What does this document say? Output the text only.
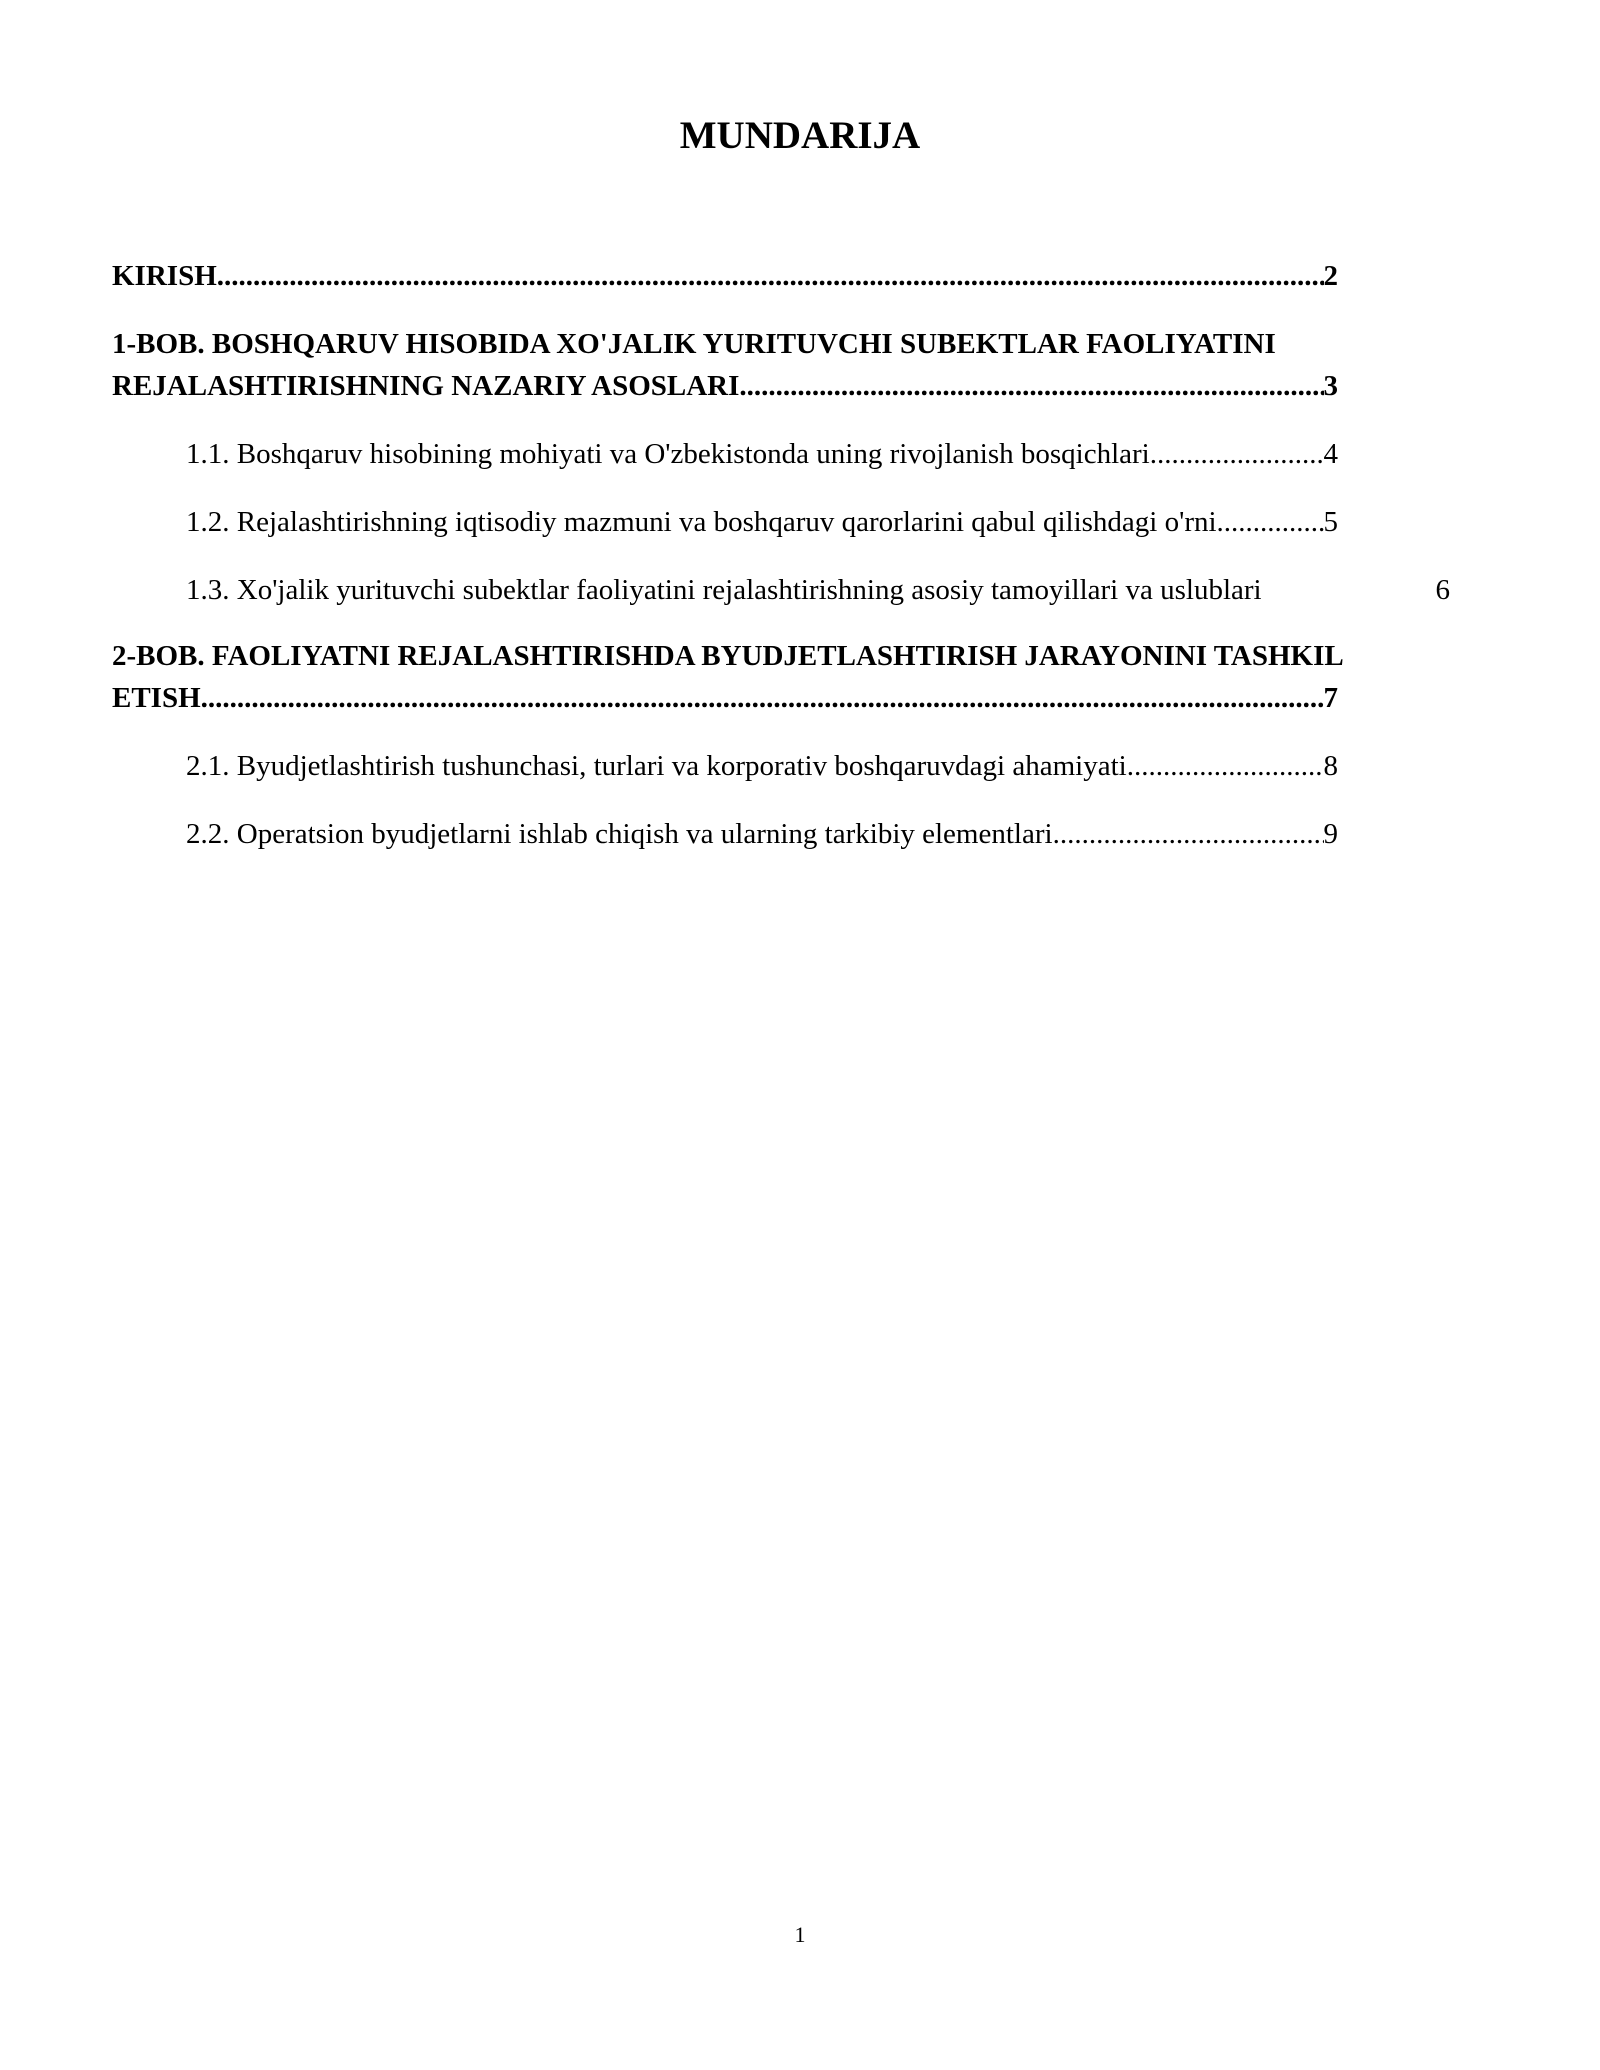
MUNDARIJA
KIRISH .....	2
1-BOB. BOSHQARUV HISOBIDA XO'JALIK YURITUVCHI SUBEKTLAR FAOLIYATINI
REJALASHTIRISHNING NAZARIY ASOSLARI .....	3
1.1. Boshqaruv hisobining mohiyati va O'zbekistonda uning rivojlanish bosqichlari .....	4
1.2. Rejalashtirishning iqtisodiy mazmuni va boshqaruv qarorlarini qabul qilishdagi o'rni .....	5
1.3. Xo'jalik yurituvchi subektlar faoliyatini rejalashtirishning asosiy tamoyillari va uslublari	6
2-BOB. FAOLIYATNI REJALASHTIRISHDA BYUDJETLASHTIRISH JARAYONINI TASHKIL
ETISH .....	7
2.1. Byudjetlashtirish tushunchasi, turlari va korporativ boshqaruvdagi ahamiyati .....	8
2.2. Operatsion byudjetlarni ishlab chiqish va ularning tarkibiy elementlari .....	9
1
